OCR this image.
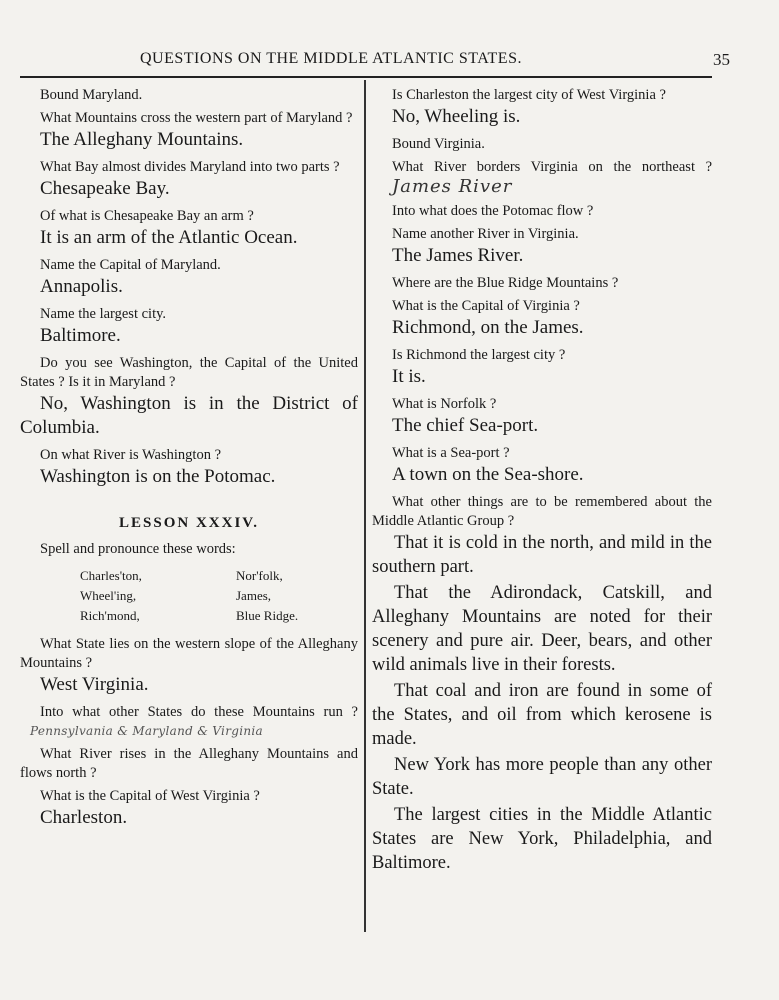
QUESTIONS ON THE MIDDLE ATLANTIC STATES.	35

Bound Maryland.

What Mountains cross the western part of Maryland ?

The Alleghany Mountains.

What Bay almost divides Maryland into two parts ?

Chesapeake Bay.

Of what is Chesapeake Bay an arm ?

It is an arm of the Atlantic Ocean.

Name the Capital of Maryland.

Annapolis.

Name the largest city.

Baltimore.

Do you see Washington, the Capital of the United States ? Is it in Maryland ?

No, Washington is in the District of Columbia.

On what River is Washington ?

Washington is on the Potomac.

LESSON XXXIV.

Spell and pronounce these words:

Charles'ton,	Nor'folk,
Wheel'ing,	James,
Rich'mond,	Blue Ridge.

What State lies on the western slope of the Alleghany Mountains ?

West Virginia.

Into what other States do these Mountains run ? Pennsylvania & Maryland & Virginia

What River rises in the Alleghany Mountains and flows north ?

What is the Capital of West Virginia ?

Charleston.

Is Charleston the largest city of West Virginia ?

No, Wheeling is.

Bound Virginia.

What River borders Virginia on the northeast ? James River

Into what does the Potomac flow ?

Name another River in Virginia.

The James River.

Where are the Blue Ridge Mountains ?

What is the Capital of Virginia ?

Richmond, on the James.

Is Richmond the largest city ?

It is.

What is Norfolk ?

The chief Sea-port.

What is a Sea-port ?

A town on the Sea-shore.

What other things are to be remembered about the Middle Atlantic Group ?

That it is cold in the north, and mild in the southern part.

That the Adirondack, Catskill, and Alleghany Mountains are noted for their scenery and pure air. Deer, bears, and other wild animals live in their forests.

That coal and iron are found in some of the States, and oil from which kerosene is made.

New York has more people than any other State.

The largest cities in the Middle Atlantic States are New York, Philadelphia, and Baltimore.
